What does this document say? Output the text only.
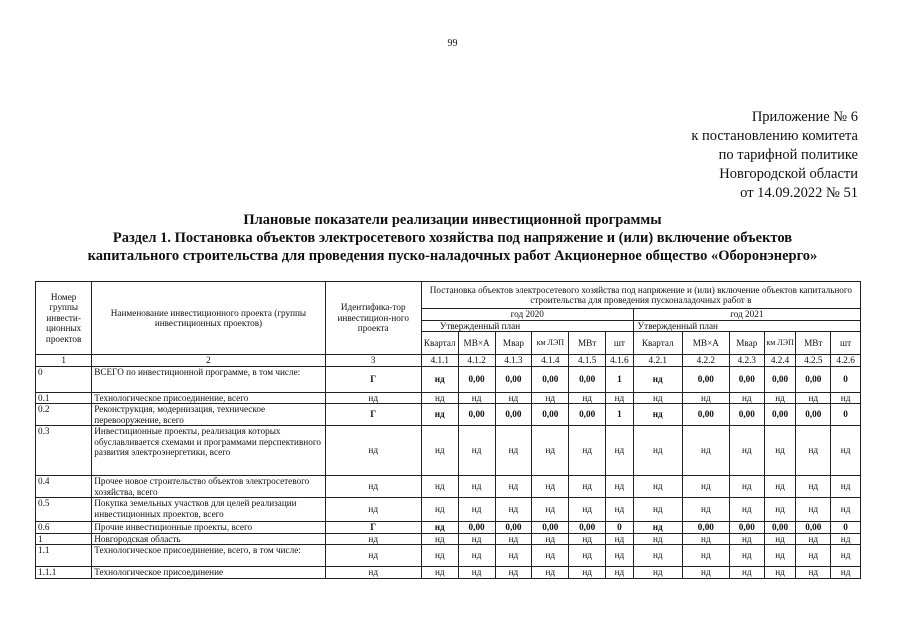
99
Приложение № 6
к постановлению комитета
по тарифной политике
Новгородской области
от 14.09.2022 № 51
Плановые показатели реализации инвестиционной программы
Раздел 1. Постановка объектов электросетевого хозяйства под напряжение и (или) включение объектов
капитального строительства для проведения пуско-наладочных работ Акционерное общество «Оборонэнерго»
Номер группы инвести-ционных проектов	Наименование инвестиционного проекта (группы инвестиционных проектов)	Идентифика-тор инвестицион-ного проекта	Постановка объектов электросетевого хозяйства под напряжение и (или) включение объектов капитального строительства для проведения пусконаладочных работ в											
			год 2020						год 2021					
			Утвержденный план						Утвержденный план					
			Квартал	МВ×А	Мвар	км ЛЭП	МВт	шт	Квартал	МВ×А	Мвар	км ЛЭП	МВт	шт
1	2	3	4.1.1	4.1.2	4.1.3	4.1.4	4.1.5	4.1.6	4.2.1	4.2.2	4.2.3	4.2.4	4.2.5	4.2.6
0	ВСЕГО по инвестиционной программе, в том числе:	Г	нд	0,00	0,00	0,00	0,00	1	нд	0,00	0,00	0,00	0,00	0
0.1	Технологическое присоединение, всего	нд	нд	нд	нд	нд	нд	нд	нд	нд	нд	нд	нд	нд
0.2	Реконструкция, модернизация, техническое перевооружение, всего	Г	нд	0,00	0,00	0,00	0,00	1	нд	0,00	0,00	0,00	0,00	0
0.3	Инвестиционные проекты, реализация которых обуславливается схемами и программами перспективного развития электроэнергетики, всего	нд	нд	нд	нд	нд	нд	нд	нд	нд	нд	нд	нд	нд
0.4	Прочее новое строительство объектов электросетевого хозяйства, всего	нд	нд	нд	нд	нд	нд	нд	нд	нд	нд	нд	нд	нд
0.5	Покупка земельных участков для целей реализации инвестиционных проектов, всего	нд	нд	нд	нд	нд	нд	нд	нд	нд	нд	нд	нд	нд
0.6	Прочие инвестиционные проекты, всего	Г	нд	0,00	0,00	0,00	0,00	0	нд	0,00	0,00	0,00	0,00	0
1	Новгородская область	нд	нд	нд	нд	нд	нд	нд	нд	нд	нд	нд	нд	нд
1.1	Технологическое присоединение, всего, в том числе:	нд	нд	нд	нд	нд	нд	нд	нд	нд	нд	нд	нд	нд
1.1.1	Технологическое присоединение	нд	нд	нд	нд	нд	нд	нд	нд	нд	нд	нд	нд	нд
